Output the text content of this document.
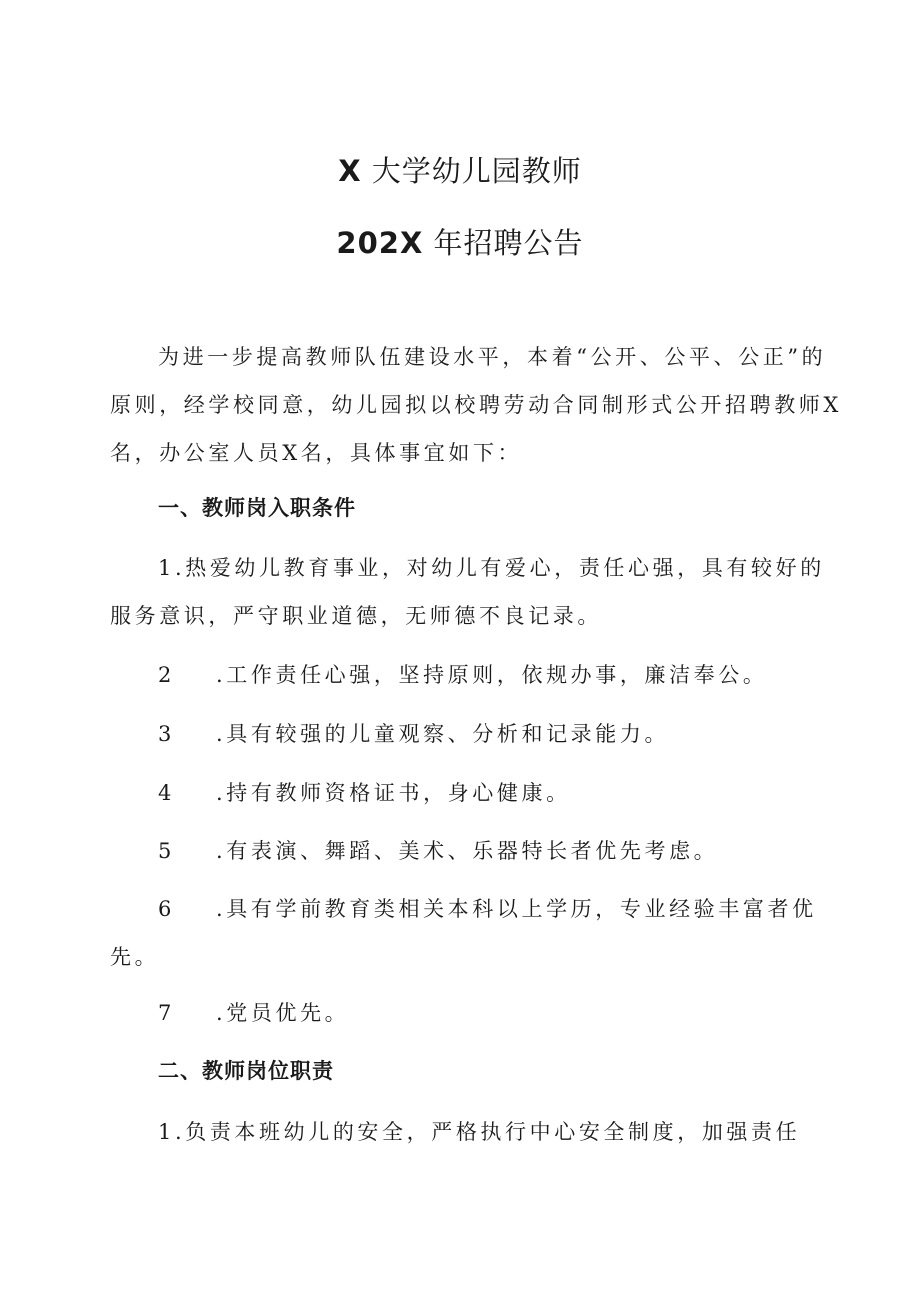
X 大学幼儿园教师
202X 年招聘公告
为进一步提高教师队伍建设水平，本着“公开、公平、公正”的
原则，经学校同意，幼儿园拟以校聘劳动合同制形式公开招聘教师X
名，办公室人员X名，具体事宜如下：
一、教师岗入职条件
1.热爱幼儿教育事业，对幼儿有爱心，责任心强，具有较好的
服务意识，严守职业道德，无师德不良记录。
2 .工作责任心强，坚持原则，依规办事，廉洁奉公。
3 .具有较强的儿童观察、分析和记录能力。
4 .持有教师资格证书，身心健康。
5 .有表演、舞蹈、美术、乐器特长者优先考虑。
6 .具有学前教育类相关本科以上学历，专业经验丰富者优
先。
7 .党员优先。
二、教师岗位职责
1.负责本班幼儿的安全，严格执行中心安全制度，加强责任
